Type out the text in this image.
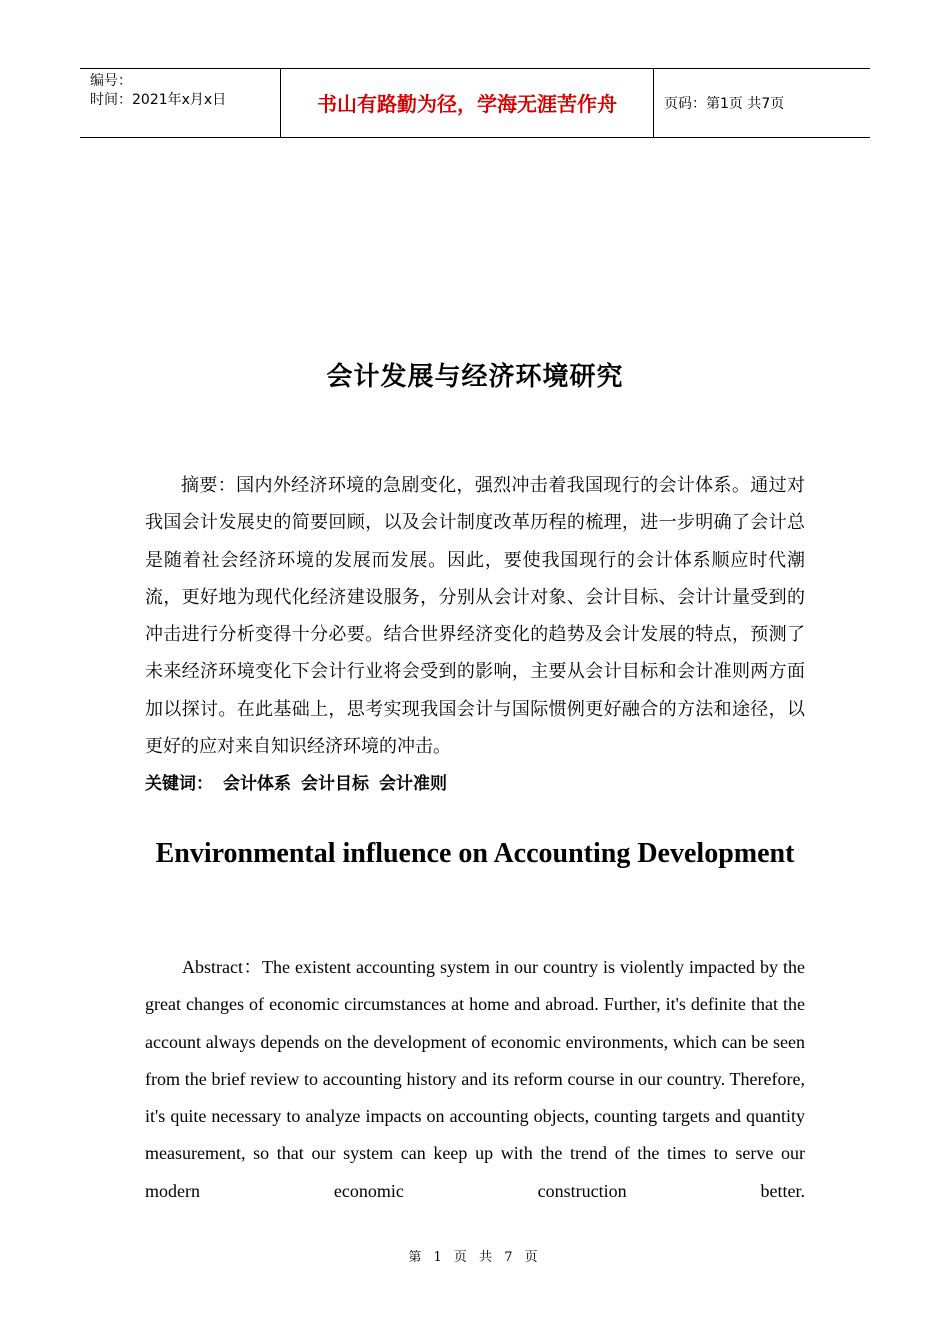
编号：
时间：2021年x月x日	书山有路勤为径，学海无涯苦作舟	页码：第1页 共7页
会计发展与经济环境研究
摘要：国内外经济环境的急剧变化，强烈冲击着我国现行的会计体系。通过对我国会计发展史的简要回顾，以及会计制度改革历程的梳理，进一步明确了会计总是随着社会经济环境的发展而发展。因此，要使我国现行的会计体系顺应时代潮流，更好地为现代化经济建设服务，分别从会计对象、会计目标、会计计量受到的冲击进行分析变得十分必要。结合世界经济变化的趋势及会计发展的特点，预测了未来经济环境变化下会计行业将会受到的影响，主要从会计目标和会计准则两方面加以探讨。在此基础上，思考实现我国会计与国际惯例更好融合的方法和途径，以更好的应对来自知识经济环境的冲击。
关键词： 会计体系 会计目标 会计准则
Environmental influence on Accounting Development
Abstract：The existent accounting system in our country is violently impacted by the great changes of economic circumstances at home and abroad. Further, it's definite that the account always depends on the development of economic environments, which can be seen from the brief review to accounting history and its reform course in our country. Therefore, it's quite necessary to analyze impacts on accounting objects, counting targets and quantity measurement, so that our system can keep up with the trend of the times to serve our modern economic construction better.
第 1 页 共 7 页
